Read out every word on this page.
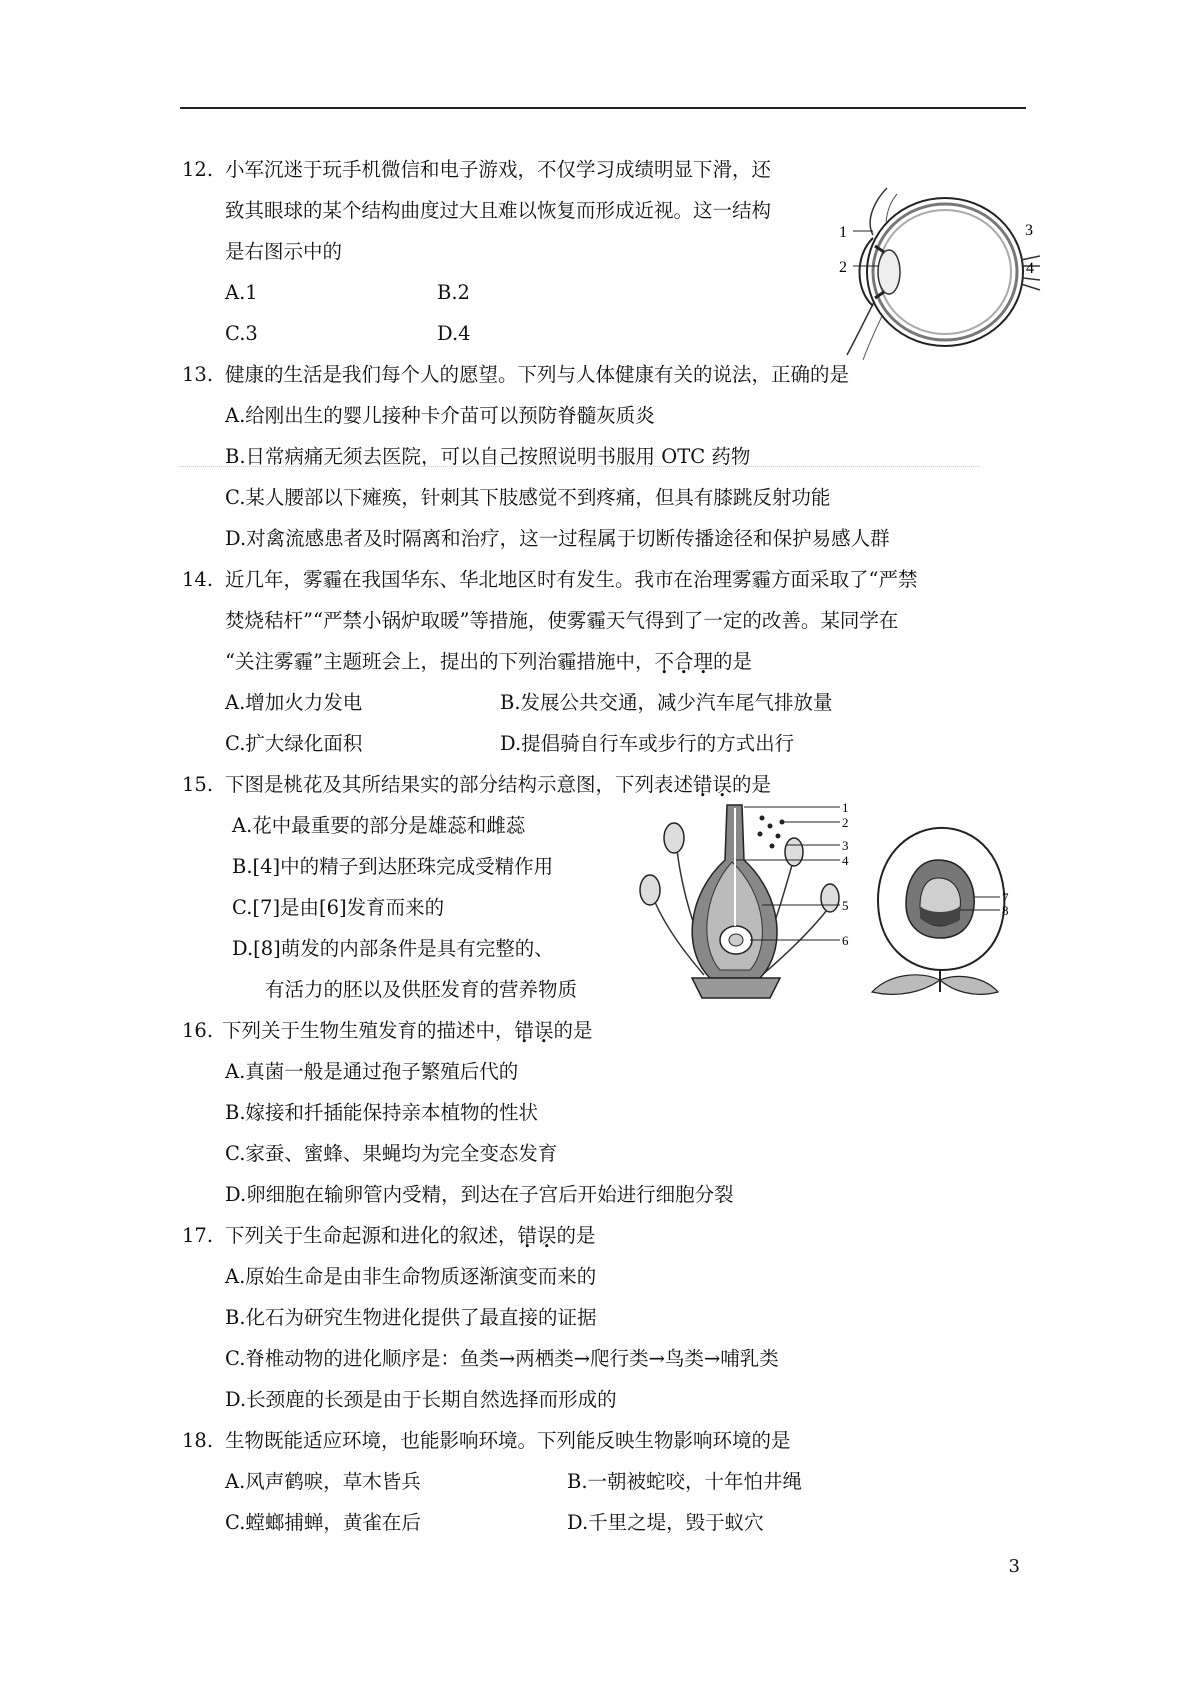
12. 小军沉迷于玩手机微信和电子游戏，不仅学习成绩明显下滑，还
致其眼球的某个结构曲度过大且难以恢复而形成近视。这一结构
是右图示中的
A.1	B.2
C.3	D.4
1
2
3
4
13. 健康的生活是我们每个人的愿望。下列与人体健康有关的说法，正确的是
A.给刚出生的婴儿接种卡介苗可以预防脊髓灰质炎
B.日常病痛无须去医院，可以自己按照说明书服用 OTC 药物
C.某人腰部以下瘫痪，针刺其下肢感觉不到疼痛，但具有膝跳反射功能
D.对禽流感患者及时隔离和治疗，这一过程属于切断传播途径和保护易感人群
14. 近几年，雾霾在我国华东、华北地区时有发生。我市在治理雾霾方面采取了“严禁
焚烧秸杆”“严禁小锅炉取暖”等措施，使雾霾天气得到了一定的改善。某同学在
“关注雾霾”主题班会上，提出的下列治霾措施中，不合理的是
A.增加火力发电	B.发展公共交通，减少汽车尾气排放量
C.扩大绿化面积	D.提倡骑自行车或步行的方式出行
15. 下图是桃花及其所结果实的部分结构示意图，下列表述错误的是
A.花中最重要的部分是雄蕊和雌蕊
B.[4]中的精子到达胚珠完成受精作用
C.[7]是由[6]发育而来的
D.[8]萌发的内部条件是具有完整的、
有活力的胚以及供胚发育的营养物质
1
2
3
4
5
6
7
8
16. 下列关于生物生殖发育的描述中，错误的是
A.真菌一般是通过孢子繁殖后代的
B.嫁接和扦插能保持亲本植物的性状
C.家蚕、蜜蜂、果蝇均为完全变态发育
D.卵细胞在输卵管内受精，到达在子宫后开始进行细胞分裂
17. 下列关于生命起源和进化的叙述，错误的是
A.原始生命是由非生命物质逐渐演变而来的
B.化石为研究生物进化提供了最直接的证据
C.脊椎动物的进化顺序是：鱼类→两栖类→爬行类→鸟类→哺乳类
D.长颈鹿的长颈是由于长期自然选择而形成的
18. 生物既能适应环境，也能影响环境。下列能反映生物影响环境的是
A.风声鹤唳，草木皆兵	B.一朝被蛇咬，十年怕井绳
C.螳螂捕蝉，黄雀在后	D.千里之堤，毁于蚁穴
3
